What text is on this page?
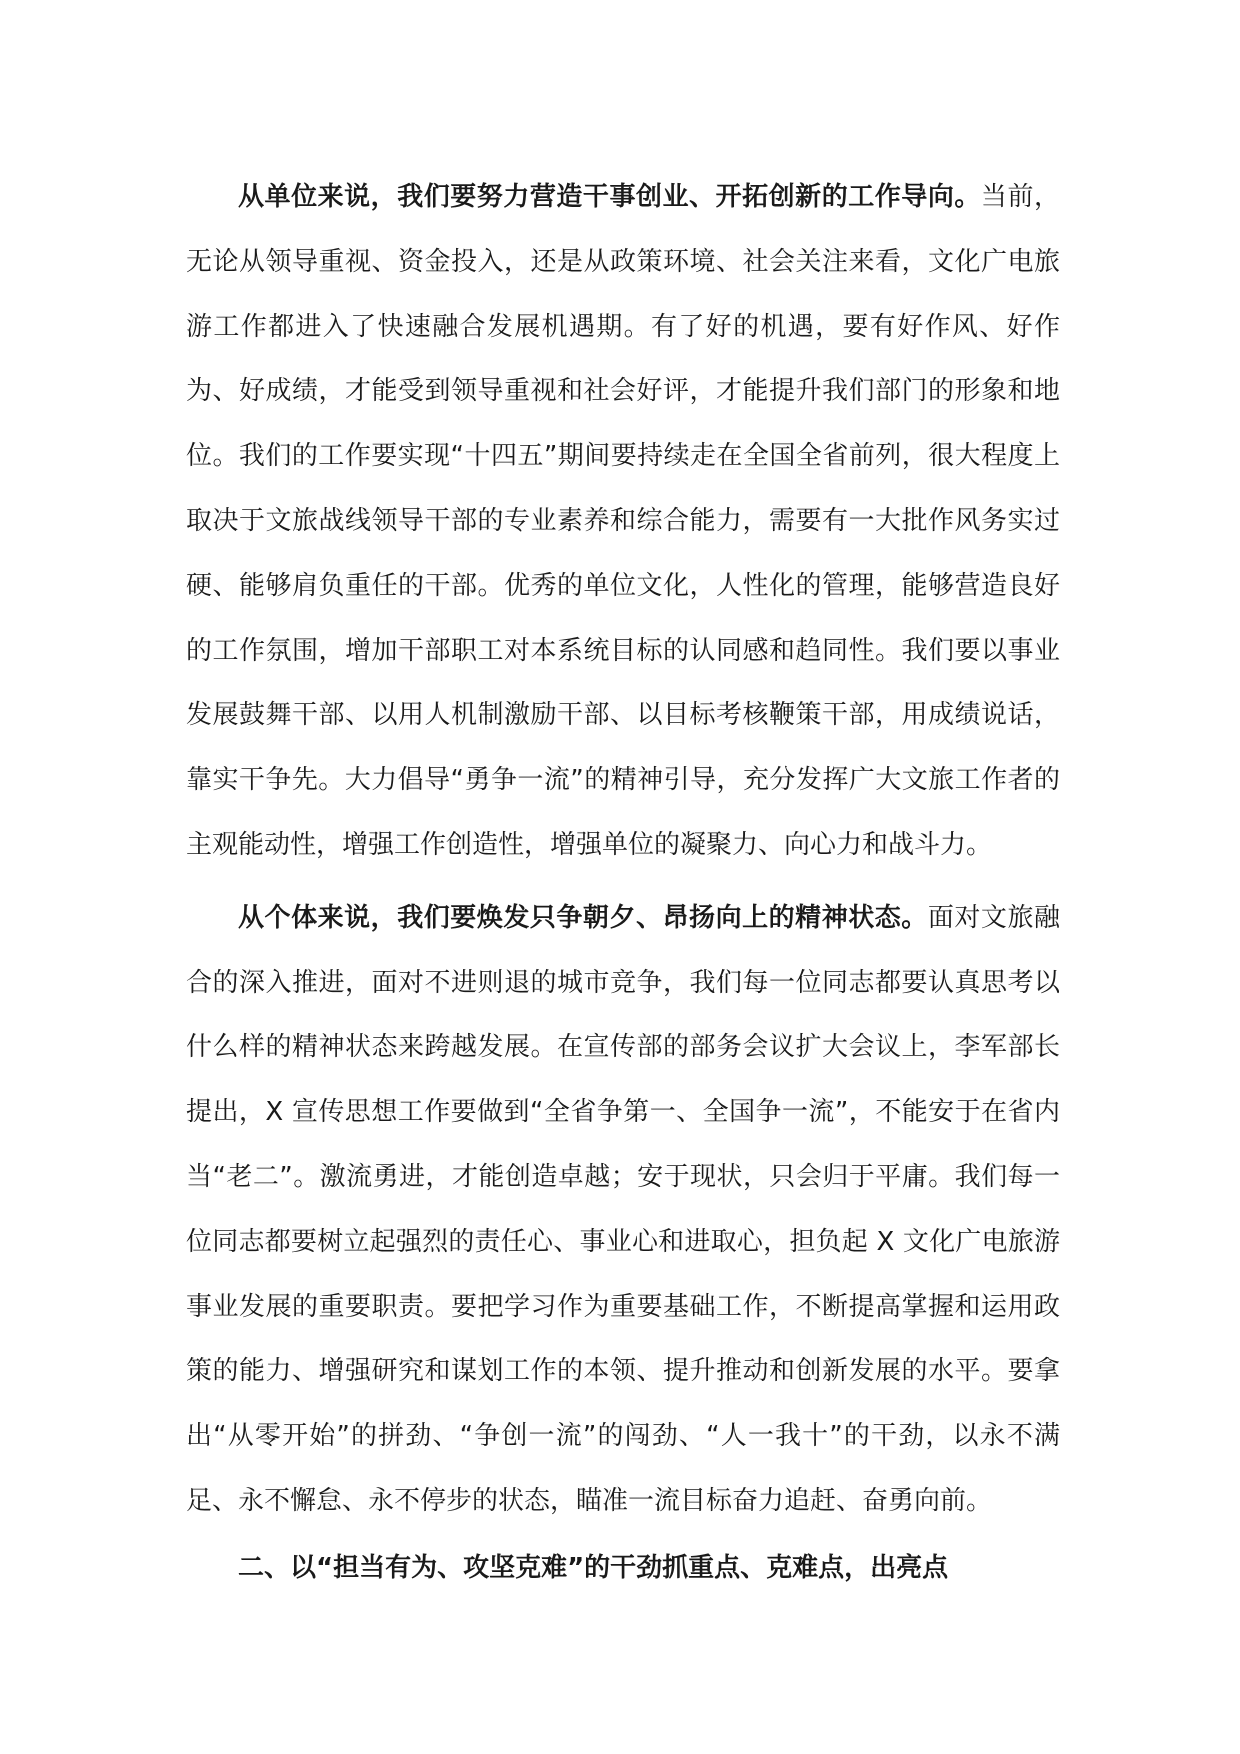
从单位来说，我们要努力营造干事创业、开拓创新的工作导向。当前，无论从领导重视、资金投入，还是从政策环境、社会关注来看，文化广电旅游工作都进入了快速融合发展机遇期。有了好的机遇，要有好作风、好作为、好成绩，才能受到领导重视和社会好评，才能提升我们部门的形象和地位。我们的工作要实现“十四五”期间要持续走在全国全省前列，很大程度上取决于文旅战线领导干部的专业素养和综合能力，需要有一大批作风务实过硬、能够肩负重任的干部。优秀的单位文化，人性化的管理，能够营造良好的工作氛围，增加干部职工对本系统目标的认同感和趋同性。我们要以事业发展鼓舞干部、以用人机制激励干部、以目标考核鞭策干部，用成绩说话，靠实干争先。大力倡导“勇争一流”的精神引导，充分发挥广大文旅工作者的主观能动性，增强工作创造性，增强单位的凝聚力、向心力和战斗力。

从个体来说，我们要焕发只争朝夕、昂扬向上的精神状态。面对文旅融合的深入推进，面对不进则退的城市竞争，我们每一位同志都要认真思考以什么样的精神状态来跨越发展。在宣传部的部务会议扩大会议上，李军部长提出，X 宣传思想工作要做到“全省争第一、全国争一流”，不能安于在省内当“老二”。激流勇进，才能创造卓越；安于现状，只会归于平庸。我们每一位同志都要树立起强烈的责任心、事业心和进取心，担负起 X 文化广电旅游事业发展的重要职责。要把学习作为重要基础工作，不断提高掌握和运用政策的能力、增强研究和谋划工作的本领、提升推动和创新发展的水平。要拿出“从零开始”的拼劲、“争创一流”的闯劲、“人一我十”的干劲，以永不满足、永不懈怠、永不停步的状态，瞄准一流目标奋力追赶、奋勇向前。

二、以“担当有为、攻坚克难”的干劲抓重点、克难点，出亮点
